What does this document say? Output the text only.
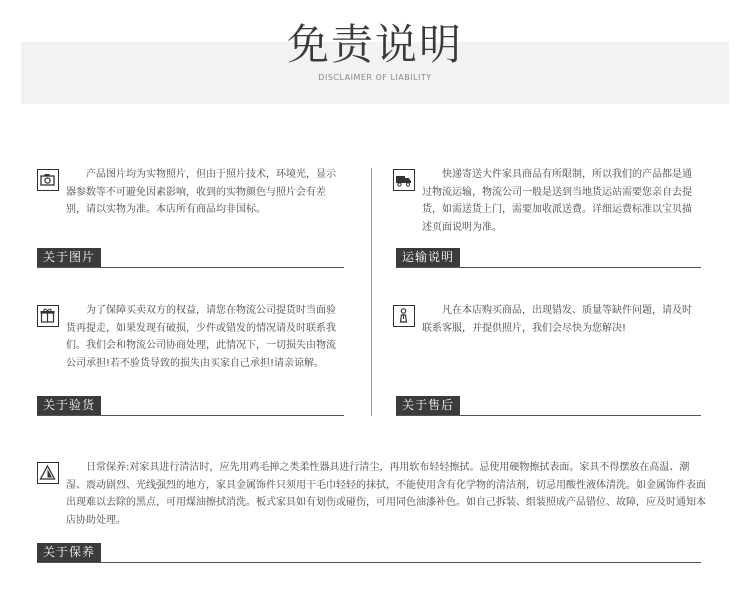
免责说明
DISCLAIMER OF LIABILITY
产品图片均为实物照片，但由于照片技术，环境光，显示器参数等不可避免因素影响，收到的实物颜色与照片会有差别，请以实物为准。本店所有商品均非国标。
关于图片
快递寄送大件家具商品有所限制，所以我们的产品都是通过物流运输，物流公司一般是送到当地货运站需要您亲自去提货，如需送货上门，需要加收派送费。详细运费标准以宝贝描述页面说明为准。
运输说明
为了保障买卖双方的权益，请您在物流公司提货时当面验货再提走，如果发现有破损，少件或错发的情况请及时联系我们。我们会和物流公司协商处理，此情况下，一切损失由物流公司承担!若不验货导致的损失由买家自己承担!请亲谅解。
关于验货
凡在本店购买商品，出现错发、质量等缺件问题，请及时联系客服，并提供照片，我们会尽快为您解决!
关于售后
日常保养:对家具进行清洁时，应先用鸡毛掸之类柔性器具进行清尘，再用软布轻轻擦拭。忌使用硬物擦拭表面。家具不得摆放在高温、潮湿、震动剧烈、光线强烈的地方，家具金属饰件只须用干毛巾轻轻的抹拭，不能使用含有化学物的清洁剂，切忌用酸性液体清洗。如金属饰件表面出现难以去除的黑点，可用煤油擦拭消洗。板式家具如有划伤或碰伤，可用同色油漆补色。如自己拆装、组装照成产品错位、故障，应及时通知本店协助处理。
关于保养
